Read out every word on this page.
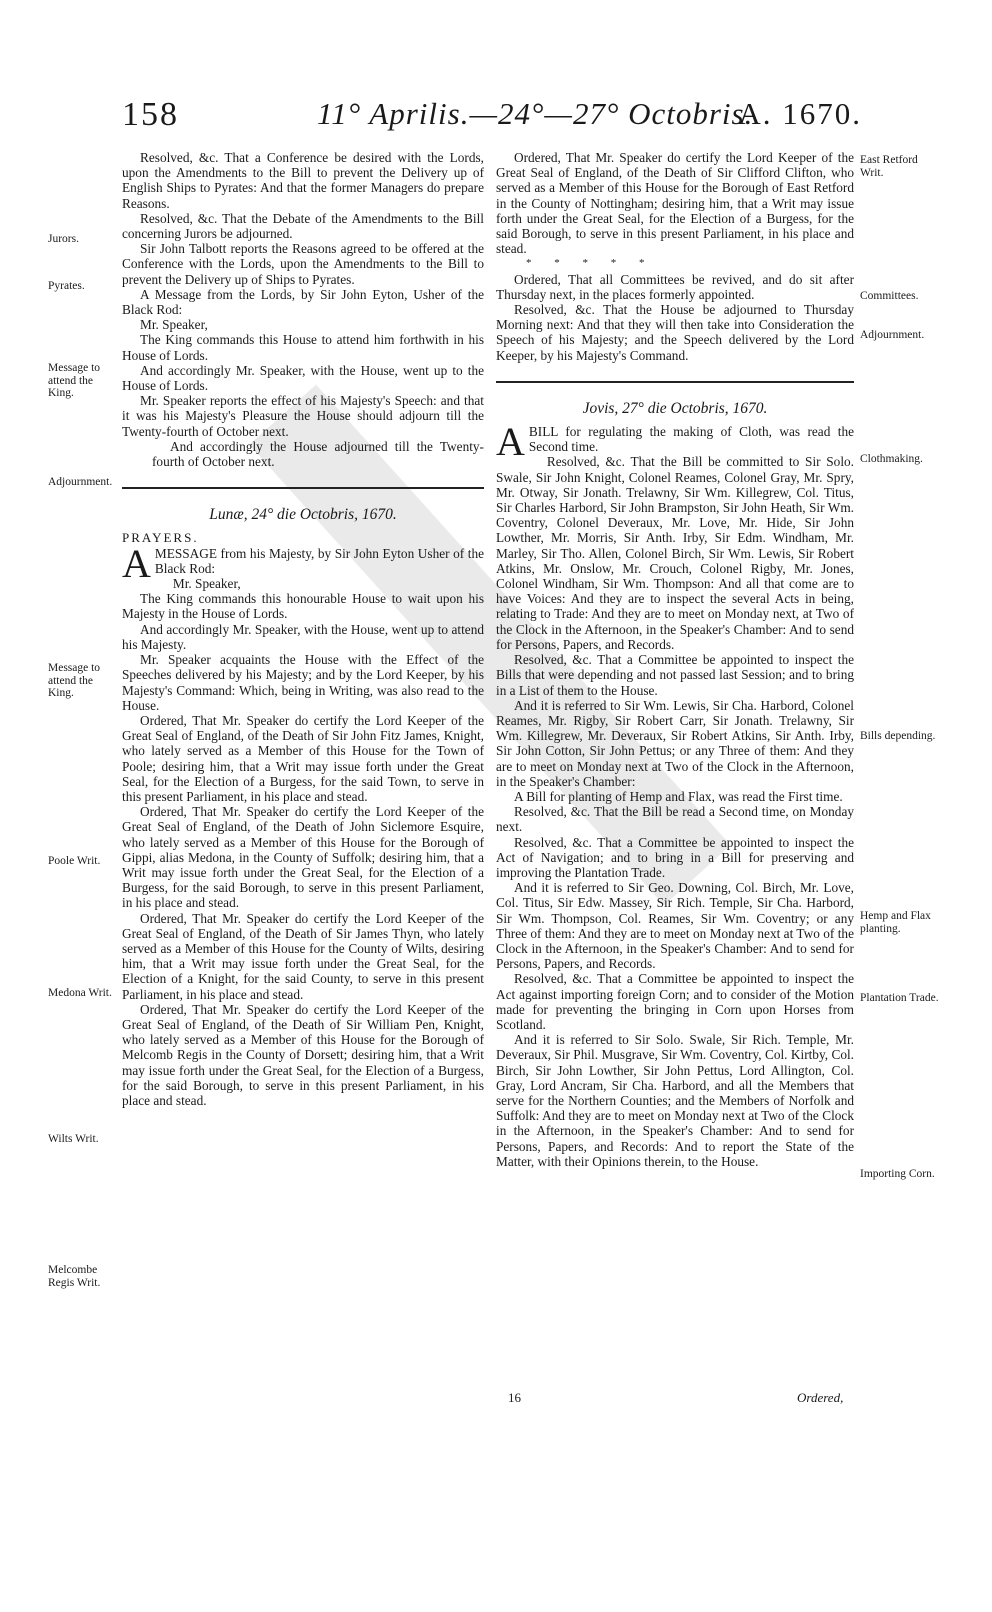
158	11° Aprilis.—24°—27° Octobris.
A. 1670.

Resolved, &c. That a Conference be desired with the Lords, upon the Amendments to the Bill to prevent the Delivery up of English Ships to Pyrates: And that the former Managers do prepare Reasons.

Resolved, &c. That the Debate of the Amendments to the Bill concerning Jurors be adjourned.

Sir John Talbott reports the Reasons agreed to be offered at the Conference with the Lords, upon the Amendments to the Bill to prevent the Delivery up of Ships to Pyrates.

A Message from the Lords, by Sir John Eyton, Usher of the Black Rod:

Mr. Speaker,

The King commands this House to attend him forthwith in his House of Lords.

And accordingly Mr. Speaker, with the House, went up to the House of Lords.

Mr. Speaker reports the effect of his Majesty's Speech: and that it was his Majesty's Pleasure the House should adjourn till the Twenty-fourth of October next.

And accordingly the House adjourned till the Twenty-fourth of October next.

Lunæ, 24° die Octobris, 1670.

PRAYERS.

AMESSAGE from his Majesty, by Sir John Eyton Usher of the Black Rod:

Mr. Speaker,

The King commands this honourable House to wait upon his Majesty in the House of Lords.

And accordingly Mr. Speaker, with the House, went up to attend his Majesty.

Mr. Speaker acquaints the House with the Effect of the Speeches delivered by his Majesty; and by the Lord Keeper, by his Majesty's Command: Which, being in Writing, was also read to the House.

Ordered, That Mr. Speaker do certify the Lord Keeper of the Great Seal of England, of the Death of Sir John Fitz James, Knight, who lately served as a Member of this House for the Town of Poole; desiring him, that a Writ may issue forth under the Great Seal, for the Election of a Burgess, for the said Town, to serve in this present Parliament, in his place and stead.

Ordered, That Mr. Speaker do certify the Lord Keeper of the Great Seal of England, of the Death of John Siclemore Esquire, who lately served as a Member of this House for the Borough of Gippi, alias Medona, in the County of Suffolk; desiring him, that a Writ may issue forth under the Great Seal, for the Election of a Burgess, for the said Borough, to serve in this present Parliament, in his place and stead.

Ordered, That Mr. Speaker do certify the Lord Keeper of the Great Seal of England, of the Death of Sir James Thyn, who lately served as a Member of this House for the County of Wilts, desiring him, that a Writ may issue forth under the Great Seal, for the Election of a Knight, for the said County, to serve in this present Parliament, in his place and stead.

Ordered, That Mr. Speaker do certify the Lord Keeper of the Great Seal of England, of the Death of Sir William Pen, Knight, who lately served as a Member of this House for the Borough of Melcomb Regis in the County of Dorsett; desiring him, that a Writ may issue forth under the Great Seal, for the Election of a Burgess, for the said Borough, to serve in this present Parliament, in his place and stead.

Ordered, That Mr. Speaker do certify the Lord Keeper of the Great Seal of England, of the Death of Sir Clifford Clifton, who served as a Member of this House for the Borough of East Retford in the County of Nottingham; desiring him, that a Writ may issue forth under the Great Seal, for the Election of a Burgess, for the said Borough, to serve in this present Parliament, in his place and stead.

* * * * *

Ordered, That all Committees be revived, and do sit after Thursday next, in the places formerly appointed.

Resolved, &c. That the House be adjourned to Thursday Morning next: And that they will then take into Consideration the Speech of his Majesty; and the Speech delivered by the Lord Keeper, by his Majesty's Command.

Jovis, 27° die Octobris, 1670.

ABILL for regulating the making of Cloth, was read the Second time.

Resolved, &c. That the Bill be committed to Sir Solo. Swale, Sir John Knight, Colonel Reames, Colonel Gray, Mr. Spry, Mr. Otway, Sir Jonath. Trelawny, Sir Wm. Killegrew, Col. Titus, Sir Charles Harbord, Sir John Brampston, Sir John Heath, Sir Wm. Coventry, Colonel Deveraux, Mr. Love, Mr. Hide, Sir John Lowther, Mr. Morris, Sir Anth. Irby, Sir Edm. Windham, Mr. Marley, Sir Tho. Allen, Colonel Birch, Sir Wm. Lewis, Sir Robert Atkins, Mr. Onslow, Mr. Crouch, Colonel Rigby, Mr. Jones, Colonel Windham, Sir Wm. Thompson: And all that come are to have Voices: And they are to inspect the several Acts in being, relating to Trade: And they are to meet on Monday next, at Two of the Clock in the Afternoon, in the Speaker's Chamber: And to send for Persons, Papers, and Records.

Resolved, &c. That a Committee be appointed to inspect the Bills that were depending and not passed last Session; and to bring in a List of them to the House.

And it is referred to Sir Wm. Lewis, Sir Cha. Harbord, Colonel Reames, Mr. Rigby, Sir Robert Carr, Sir Jonath. Trelawny, Sir Wm. Killegrew, Mr. Deveraux, Sir Robert Atkins, Sir Anth. Irby, Sir John Cotton, Sir John Pettus; or any Three of them: And they are to meet on Monday next at Two of the Clock in the Afternoon, in the Speaker's Chamber:

A Bill for planting of Hemp and Flax, was read the First time.

Resolved, &c. That the Bill be read a Second time, on Monday next.

Resolved, &c. That a Committee be appointed to inspect the Act of Navigation; and to bring in a Bill for preserving and improving the Plantation Trade.

And it is referred to Sir Geo. Downing, Col. Birch, Mr. Love, Col. Titus, Sir Edw. Massey, Sir Rich. Temple, Sir Cha. Harbord, Sir Wm. Thompson, Col. Reames, Sir Wm. Coventry; or any Three of them: And they are to meet on Monday next at Two of the Clock in the Afternoon, in the Speaker's Chamber: And to send for Persons, Papers, and Records.

Resolved, &c. That a Committee be appointed to inspect the Act against importing foreign Corn; and to consider of the Motion made for preventing the bringing in Corn upon Horses from Scotland.

And it is referred to Sir Solo. Swale, Sir Rich. Temple, Mr. Deveraux, Sir Phil. Musgrave, Sir Wm. Coventry, Col. Kirtby, Col. Birch, Sir John Lowther, Sir John Pettus, Lord Allington, Col. Gray, Lord Ancram, Sir Cha. Harbord, and all the Members that serve for the Northern Counties; and the Members of Norfolk and Suffolk: And they are to meet on Monday next at Two of the Clock in the Afternoon, in the Speaker's Chamber: And to send for Persons, Papers, and Records: And to report the State of the Matter, with their Opinions therein, to the House.

Jurors.
Pyrates.
Message to attend the King.
Adjournment.
Message to attend the King.
Poole Writ.
Medona Writ.
Wilts Writ.
Melcombe Regis Writ.
East Retford Writ.
Committees.
Adjournment.
Clothmaking.
Bills depending.
Hemp and Flax planting.
Plantation Trade.
Importing Corn.
16	Ordered,
